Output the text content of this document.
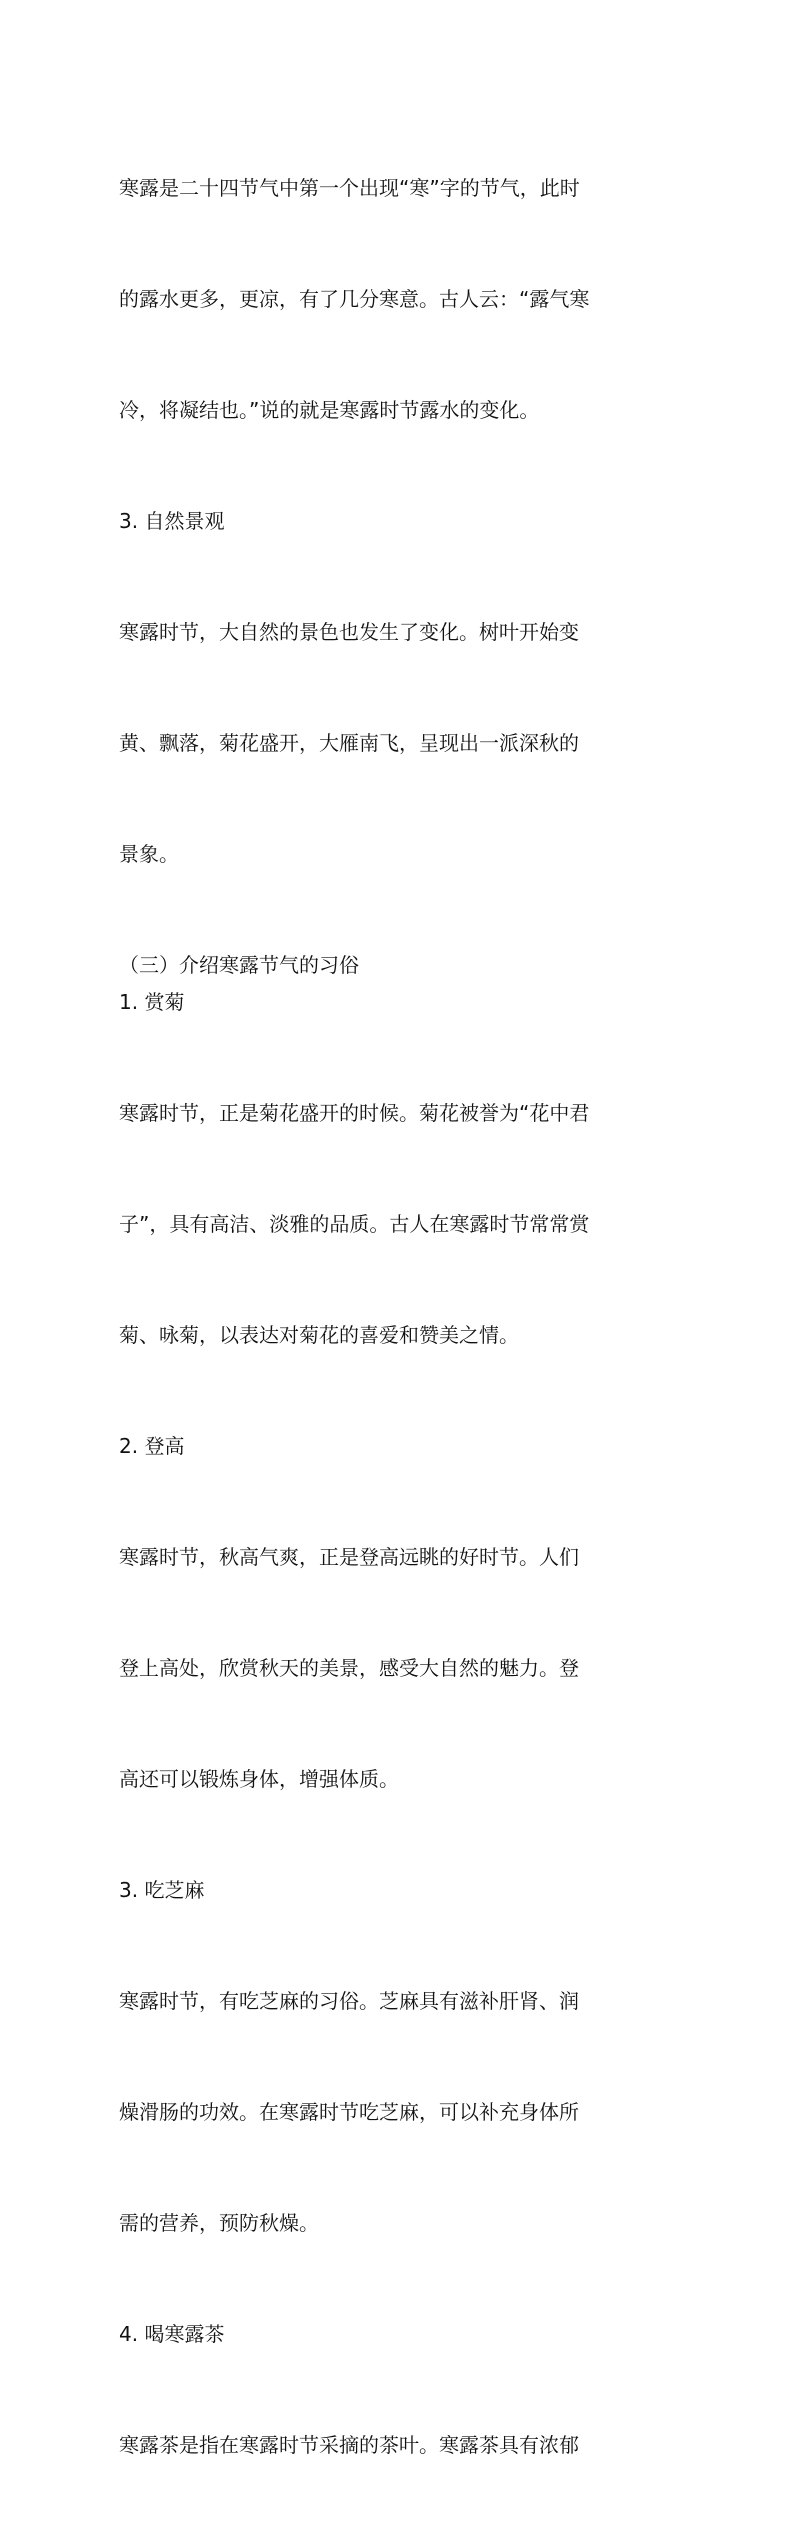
寒露是二十四节气中第一个出现“寒”字的节气，此时

的露水更多，更凉，有了几分寒意。古人云：“露气寒

冷，将凝结也。”说的就是寒露时节露水的变化。

3. 自然景观

寒露时节，大自然的景色也发生了变化。树叶开始变

黄、飘落，菊花盛开，大雁南飞，呈现出一派深秋的

景象。

（三）介绍寒露节气的习俗
1. 赏菊

寒露时节，正是菊花盛开的时候。菊花被誉为“花中君

子”，具有高洁、淡雅的品质。古人在寒露时节常常赏

菊、咏菊，以表达对菊花的喜爱和赞美之情。

2. 登高

寒露时节，秋高气爽，正是登高远眺的好时节。人们

登上高处，欣赏秋天的美景，感受大自然的魅力。登

高还可以锻炼身体，增强体质。

3. 吃芝麻

寒露时节，有吃芝麻的习俗。芝麻具有滋补肝肾、润

燥滑肠的功效。在寒露时节吃芝麻，可以补充身体所

需的营养，预防秋燥。

4. 喝寒露茶

寒露茶是指在寒露时节采摘的茶叶。寒露茶具有浓郁
